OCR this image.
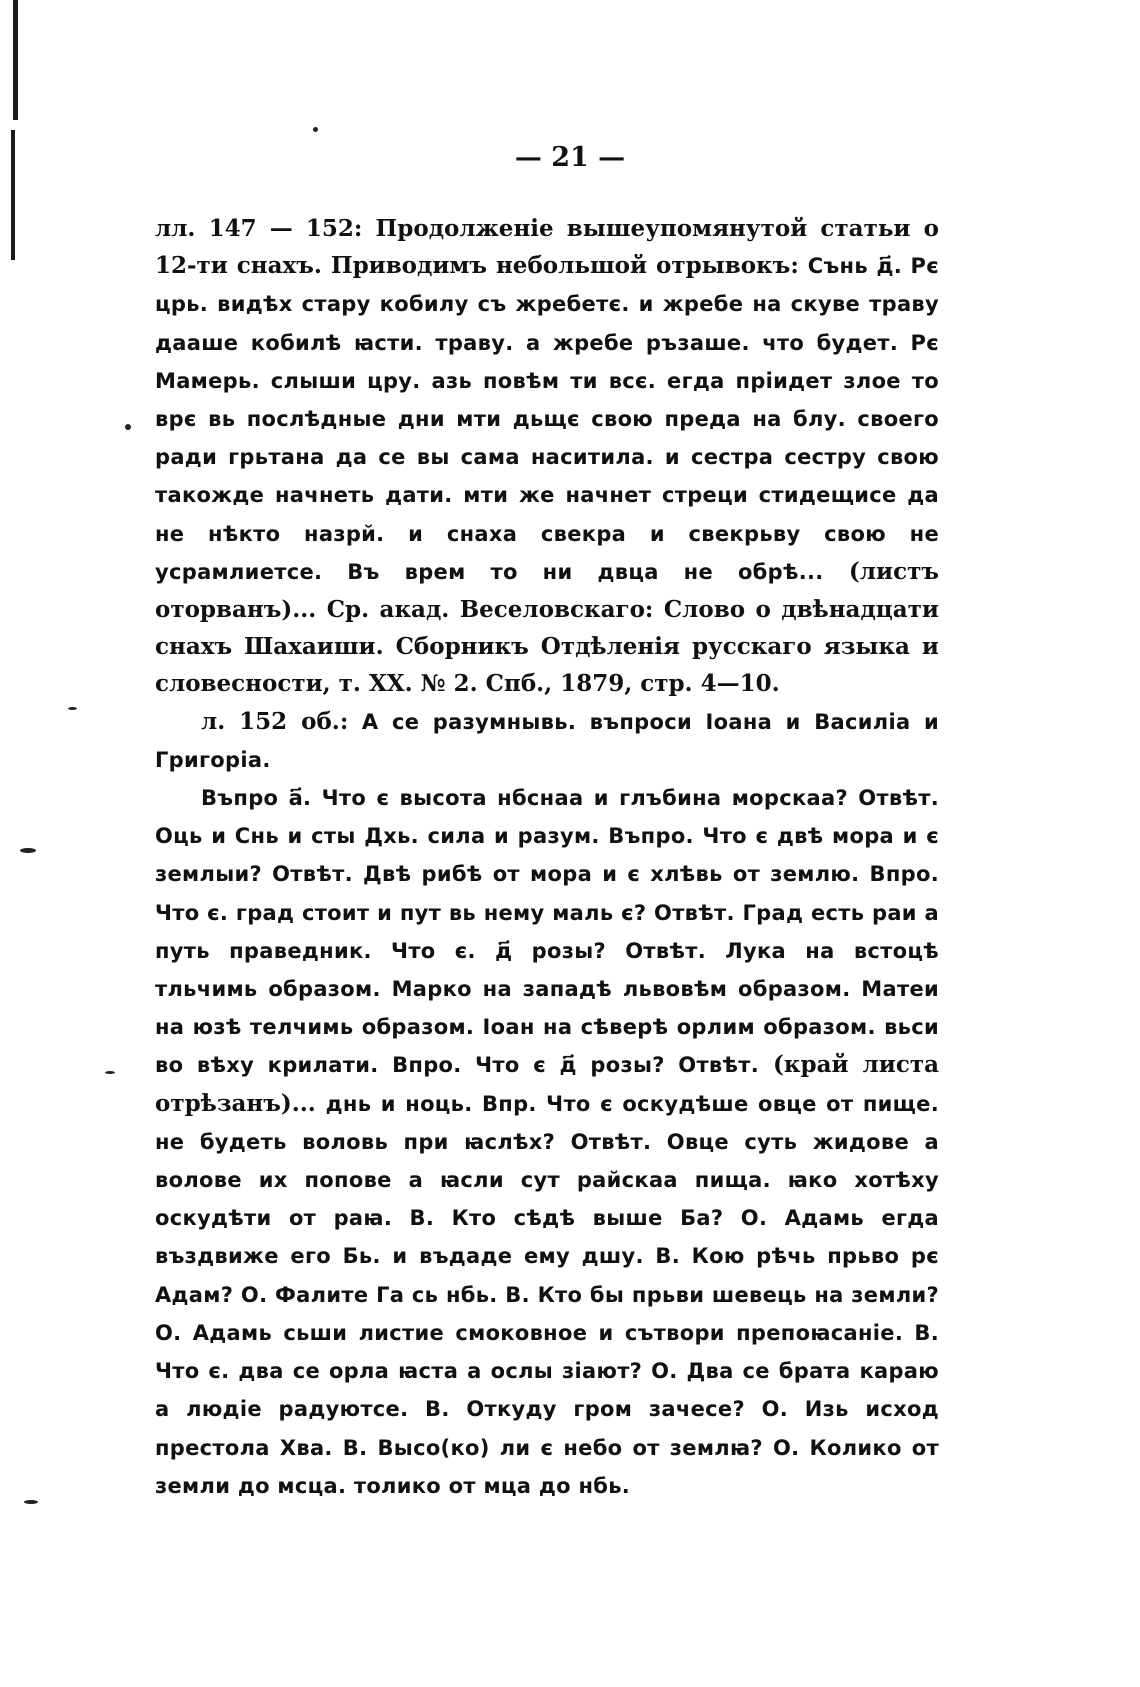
— 21 —

лл. 147 — 152: Продолженіе вышеупомянутой статьи о 12-ти снахъ. Приводимъ небольшой отрывокъ: Сънь д҃. Рє црь. видѣх стару кобилу съ жребетє. и жребе на скуве траву дааше кобилѣ ꙗсти. траву. а жребе ръзаше. что будет. Рє Мамерь. слыши цру. азь повѣм ти всє. егда пріидет злое то врє вь послѣдные дни мти дьщє свою преда на блу. своего ради грьтана да се вы сама наситила. и сестра сестру свою такожде начнеть дати. мти же начнет стреци стидещисе да не нѣкто назрй. и снаха свекра и свекрьву свою не усрамлиетсе. Въ врем то ни двца не обрѣ... (листъ оторванъ)... Ср. акад. Веселовскаго: Слово о двѣнадцати снахъ Шахаиши. Сборникъ Отдѣленія русскаго языка и словесности, т. XX. № 2. Спб., 1879, стр. 4—10.

л. 152 об.: А се разумнывь. въпроси Іоана и Василіа и Григоріа.

Въпро а҃. Что є высота нбснаа и глъбина морскаа? Отвѣт. Оць и Снь и сты Дхь. сила и разум. Въпро. Что є двѣ мора и є землыи? Отвѣт. Двѣ рибѣ от мора и є хлѣвь от землю. Впро. Что є. град стоит и пут вь нему маль є? Отвѣт. Град есть раи а путь праведник. Что є. д҃ розы? Отвѣт. Лука на встоцѣ тльчимь образом. Марко на западѣ львовѣм образом. Матеи на юзѣ телчимь образом. Іоан на сѣверѣ орлим образом. вьси во вѣху крилати. Впро. Что є д҃ розы? Отвѣт. (край листа отрѣзанъ)... днь и ноць. Впр. Что є оскудѣше овце от пище. не будеть воловь при ꙗслѣх? Отвѣт. Овце суть жидове а волове их попове а ꙗсли сут райскаа пища. ꙗко хотѣху оскудѣти от раꙗ. В. Кто сѣдѣ выше Ба? О. Адамь егда въздвиже его Бь. и въдаде ему дшу. В. Кою рѣчь прьво рє Адам? О. Фалите Га сь нбь. В. Кто бы прьви шевець на земли? О. Адамь сьши листие смоковное и сътвори препоꙗсаніе. В. Что є. два се орла ꙗста а ослы зіают? О. Два се брата караю а людіе радуютсе. В. Откуду гром зачесе? О. Изь исход престола Хва. В. Высо(ко) ли є небо от землꙗ? О. Колико от земли до мсца. толико от мца до нбь.
